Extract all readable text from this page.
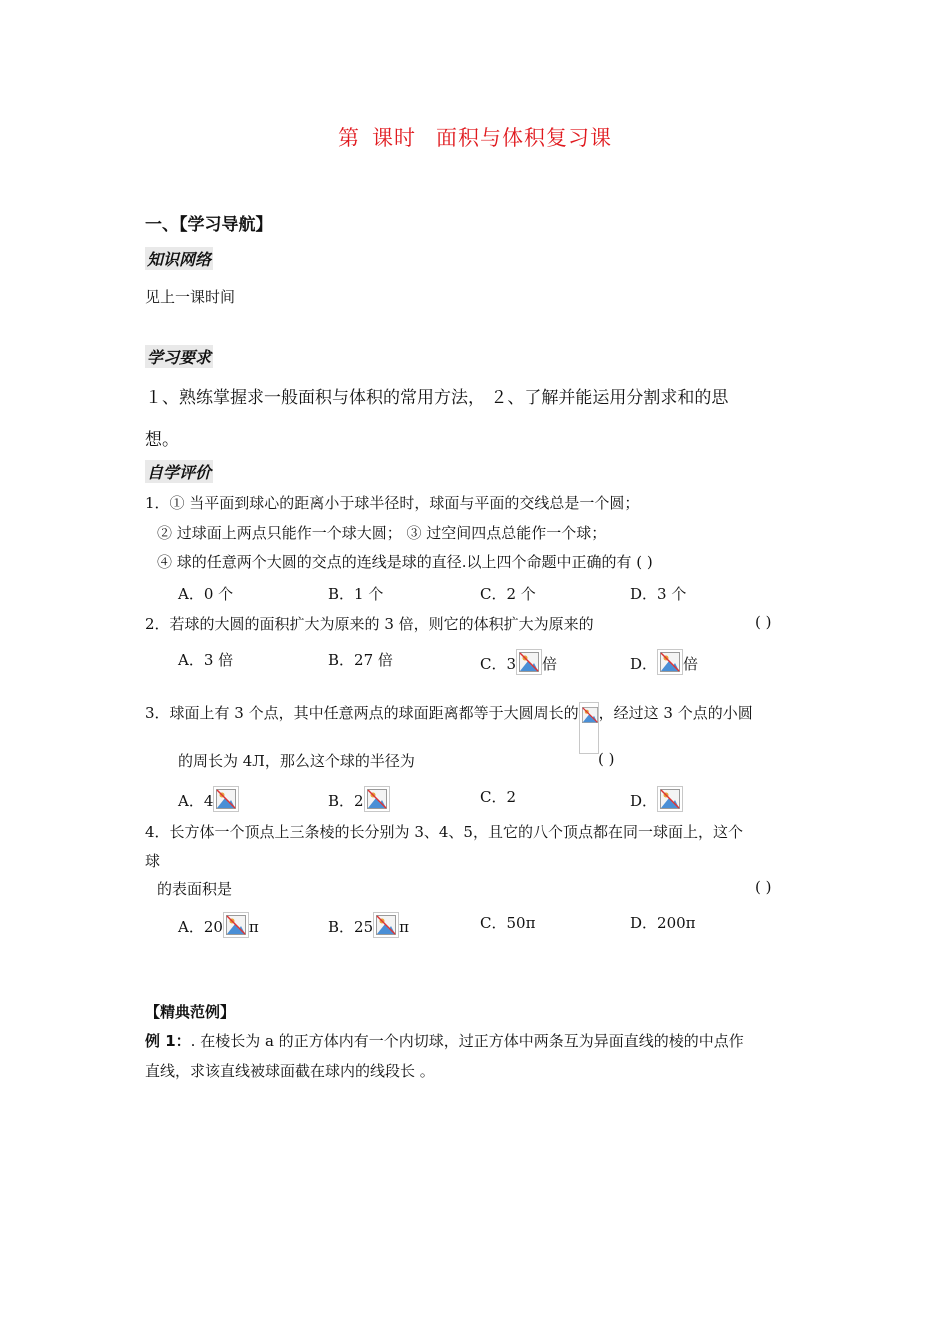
第 课时 面积与体积复习课
一、【学习导航】
知识网络
见上一课时间
学习要求
１、熟练掌握求一般面积与体积的常用方法， ２、了解并能运用分割求和的思
想。
自学评价
1．① 当平面到球心的距离小于球半径时，球面与平面的交线总是一个圆；
② 过球面上两点只能作一个球大圆； ③ 过空间四点总能作一个球；
④ 球的任意两个大圆的交点的连线是球的直径.以上四个命题中正确的有 ( )
A．0 个	B．1 个	C．2 个	D．3 个
2．若球的大圆的面积扩大为原来的 3 倍，则它的体积扩大为原来的	( )
A．3 倍	B．27 倍	C．3 倍	D． 倍
3．球面上有 3 个点，其中任意两点的球面距离都等于大圆周长的 ，经过这 3 个点的小圆
的周长为 4Л，那么这个球的半径为	( )
A．4	B．2	C．2	D．
4．长方体一个顶点上三条棱的长分别为 3、4、5，且它的八个顶点都在同一球面上，这个
球
的表面积是	( )
A．20 π	B．25 π	C．50π	D．200π
【精典范例】
例 1：. 在棱长为 a 的正方体内有一个内切球，过正方体中两条互为异面直线的棱的中点作
直线，求该直线被球面截在球内的线段长 。
